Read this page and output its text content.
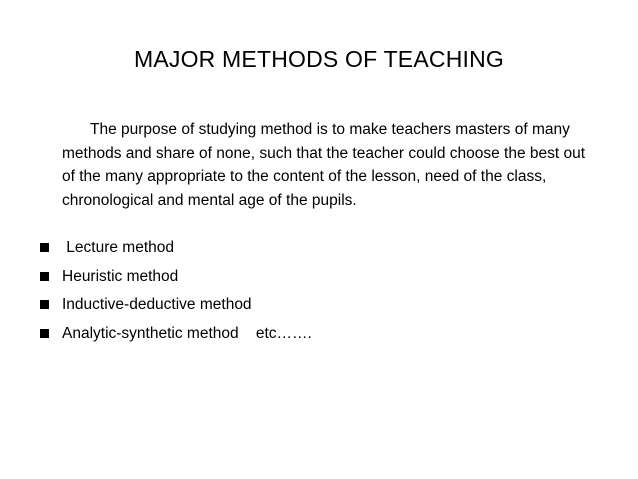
MAJOR METHODS OF TEACHING

The purpose of studying method is to make teachers masters of many methods and share of none, such that the teacher could choose the best out of the many appropriate to the content of the lesson, need of the class, chronological and mental age of the pupils.

Lecture method
Heuristic method
Inductive-deductive method
Analytic-synthetic method    etc…….
